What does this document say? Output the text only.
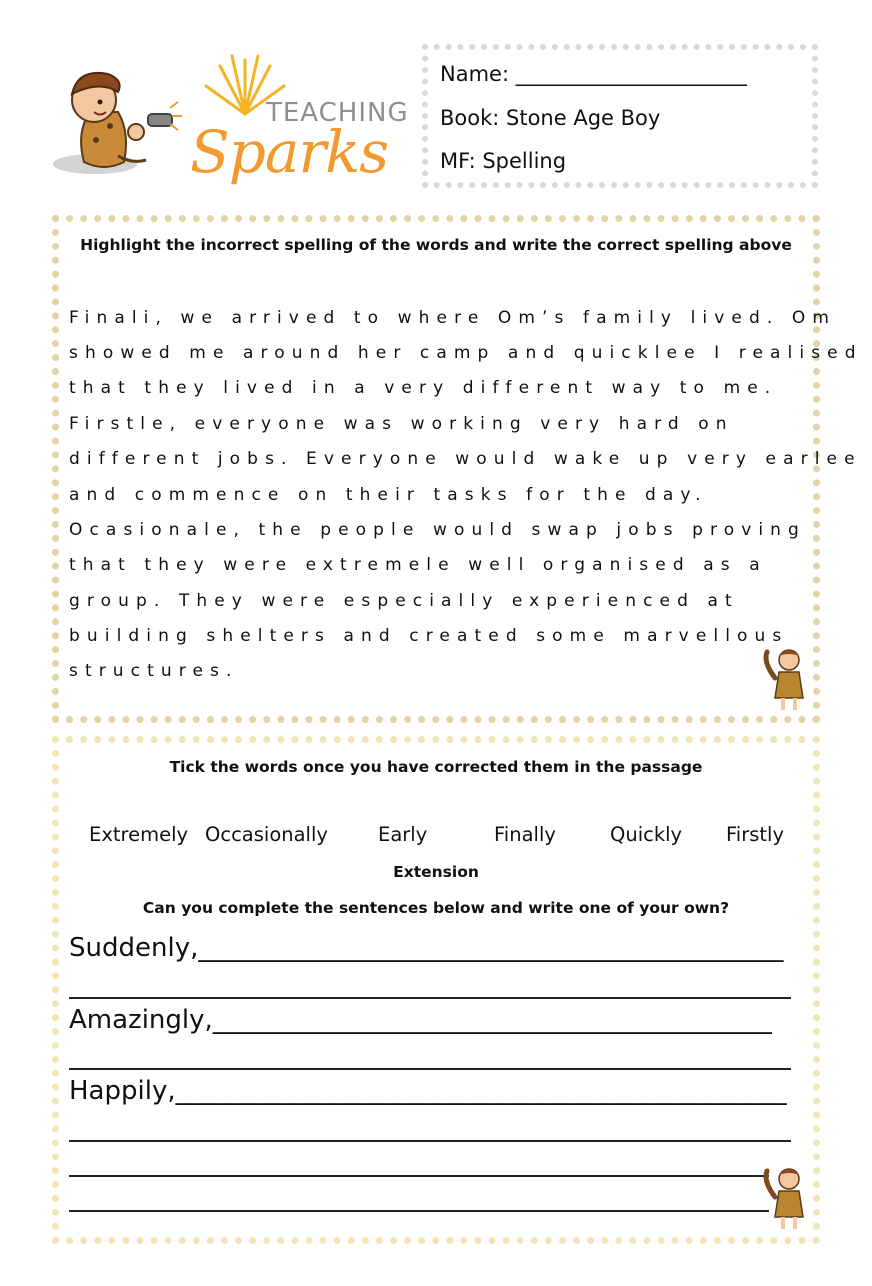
TEACHING
Sparks
Name: ______________________
Book: Stone Age Boy
MF: Spelling
Highlight the incorrect spelling of the words and write the correct spelling above
Finali, we arrived to where Om’s family lived. Om
showed me around her camp and quicklee I realised
that they lived in a very different way to me.
Firstle, everyone was working very hard on
different jobs. Everyone would wake up very earlee
and commence on their tasks for the day.
Ocasionale, the people would swap jobs proving
that they were extremele well organised as a
group. They were especially experienced at
building shelters and created some marvellous
structures.
Tick the words once you have corrected them in the passage
Extremely Occasionally	Early	Finally	Quickly Firstly
Extension
Can you complete the sentences below and write one of your own?
Suddenly,_____________________________________________
Amazingly,___________________________________________
Happily,_______________________________________________
